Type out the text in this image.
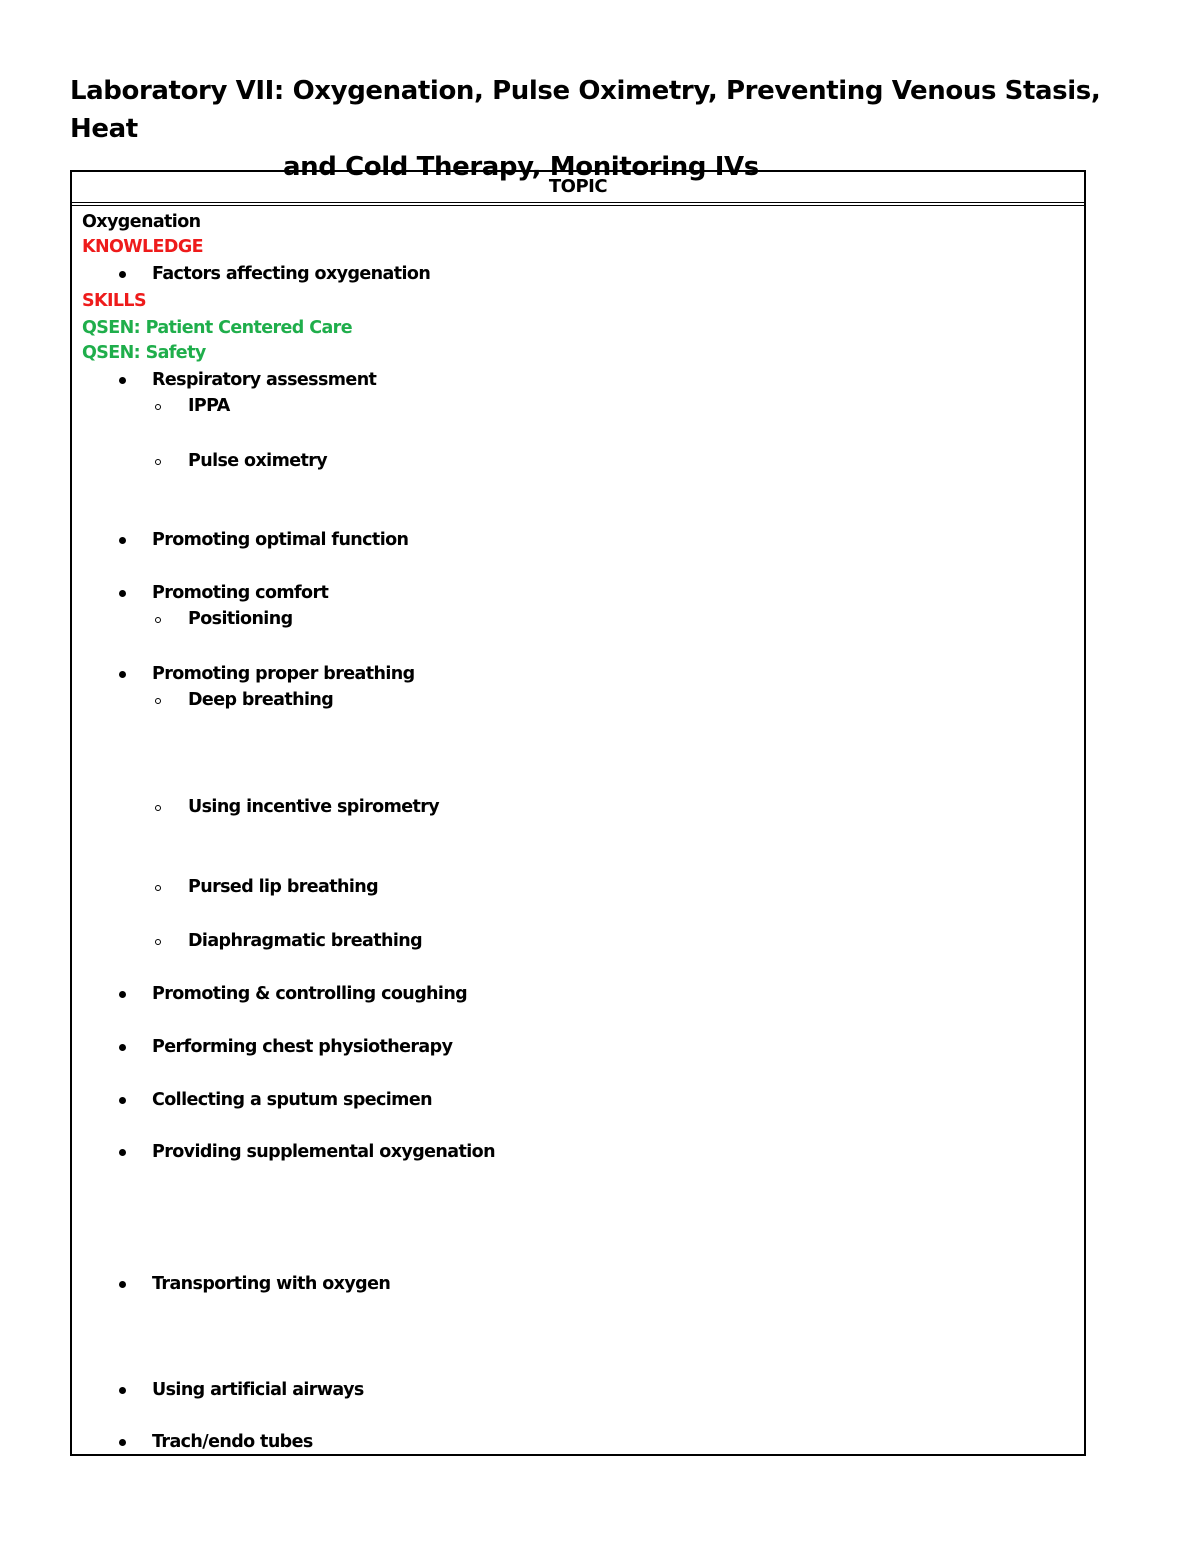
Laboratory VII: Oxygenation, Pulse Oximetry, Preventing Venous Stasis, Heat
and Cold Therapy, Monitoring IVs
TOPIC
Oxygenation
KNOWLEDGE
Factors affecting oxygenation
SKILLS
QSEN: Patient Centered Care
QSEN: Safety
Respiratory assessment
IPPA
Pulse oximetry
Promoting optimal function
Promoting comfort
Positioning
Promoting proper breathing
Deep breathing
Using incentive spirometry
Pursed lip breathing
Diaphragmatic breathing
Promoting & controlling coughing
Performing chest physiotherapy
Collecting a sputum specimen
Providing supplemental oxygenation
Transporting with oxygen
Using artificial airways
Trach/endo tubes
